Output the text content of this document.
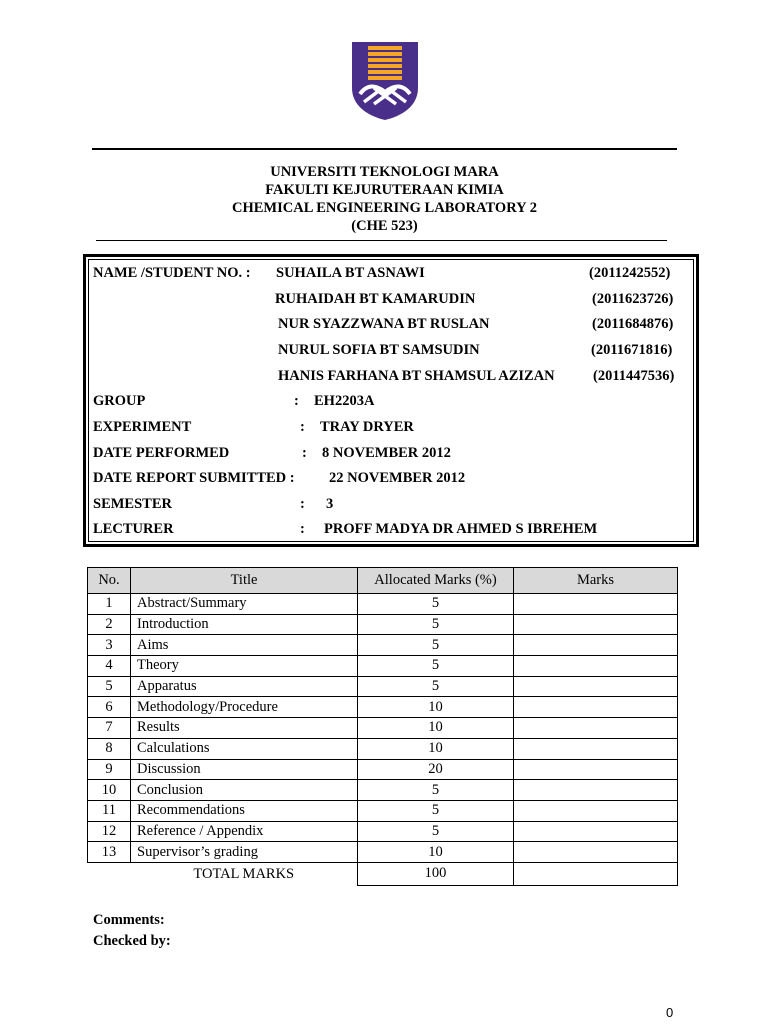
UNIVERSITI TEKNOLOGI MARA
FAKULTI KEJURUTERAAN KIMIA
CHEMICAL ENGINEERING LABORATORY 2
(CHE 523)
NAME /STUDENT NO. : SUHAILA BT ASNAWI	(2011242552)
RUHAIDAH BT KAMARUDIN	(2011623726)
NUR SYAZZWANA BT RUSLAN	(2011684876)
NURUL SOFIA BT SAMSUDIN	(2011671816)
HANIS FARHANA BT SHAMSUL AZIZAN	(2011447536)
GROUP	: EH2203A
EXPERIMENT	: TRAY DRYER
DATE PERFORMED	: 8 NOVEMBER 2012
DATE REPORT SUBMITTED : 22 NOVEMBER 2012
SEMESTER	: 3
LECTURER	: PROFF MADYA DR AHMED S IBREHEM
No.	Title	Allocated Marks (%)	Marks
1	Abstract/Summary	5	
2	Introduction	5	
3	Aims	5	
4	Theory	5	
5	Apparatus	5	
6	Methodology/Procedure	10	
7	Results	10	
8	Calculations	10	
9	Discussion	20	
10	Conclusion	5	
11	Recommendations	5	
12	Reference / Appendix	5	
13	Supervisor’s grading	10	
	TOTAL MARKS	100	
Comments:
Checked by:
0
